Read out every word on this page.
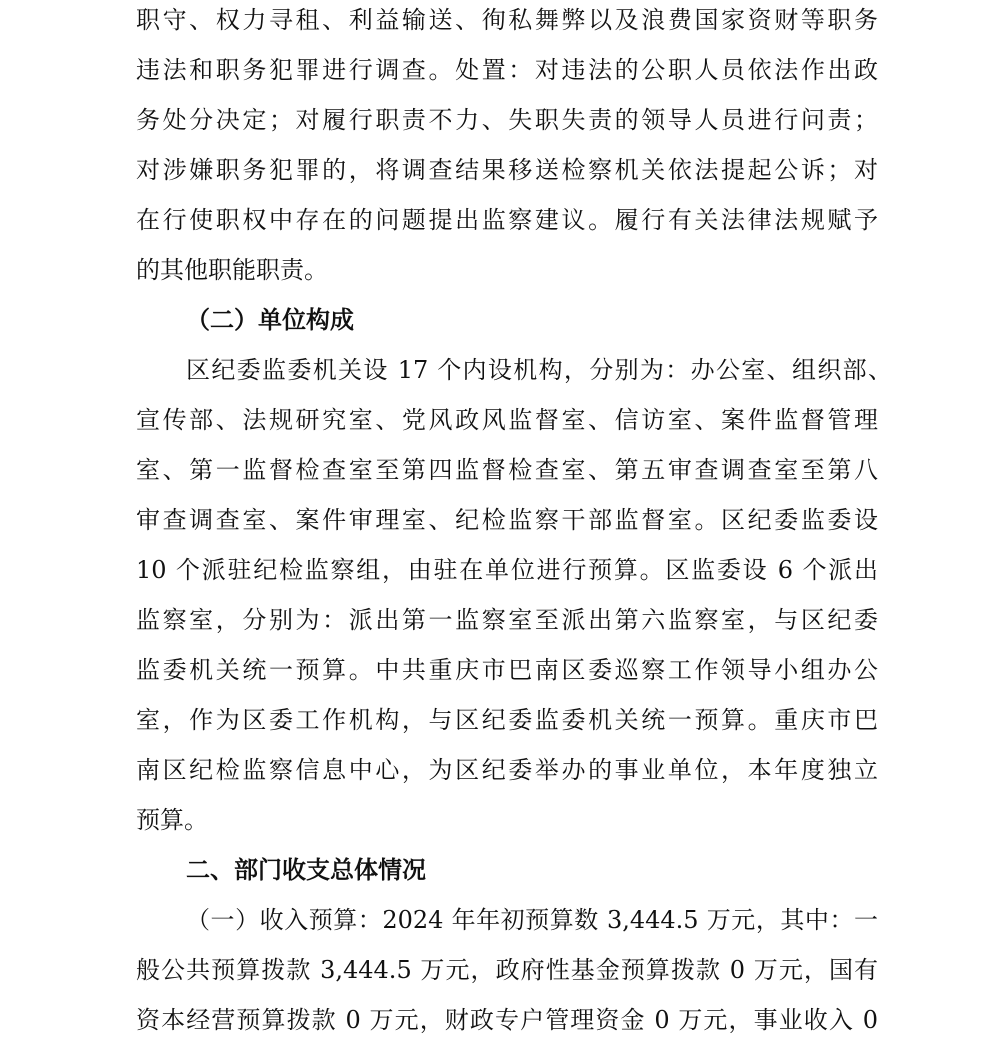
职守、权力寻租、利益输送、徇私舞弊以及浪费国家资财等职务
违法和职务犯罪进行调查。处置：对违法的公职人员依法作出政
务处分决定；对履行职责不力、失职失责的领导人员进行问责；
对涉嫌职务犯罪的，将调查结果移送检察机关依法提起公诉；对
在行使职权中存在的问题提出监察建议。履行有关法律法规赋予
的其他职能职责。
（二）单位构成
区纪委监委机关设 17 个内设机构，分别为：办公室、组织部、
宣传部、法规研究室、党风政风监督室、信访室、案件监督管理
室、第一监督检查室至第四监督检查室、第五审查调查室至第八
审查调查室、案件审理室、纪检监察干部监督室。区纪委监委设
10 个派驻纪检监察组，由驻在单位进行预算。区监委设 6 个派出
监察室，分别为：派出第一监察室至派出第六监察室，与区纪委
监委机关统一预算。中共重庆市巴南区委巡察工作领导小组办公
室，作为区委工作机构，与区纪委监委机关统一预算。重庆市巴
南区纪检监察信息中心，为区纪委举办的事业单位，本年度独立
预算。
二、部门收支总体情况
（一）收入预算：2024 年年初预算数 3,444.5 万元，其中：一
般公共预算拨款 3,444.5 万元，政府性基金预算拨款 0 万元，国有
资本经营预算拨款 0 万元，财政专户管理资金 0 万元，事业收入 0
